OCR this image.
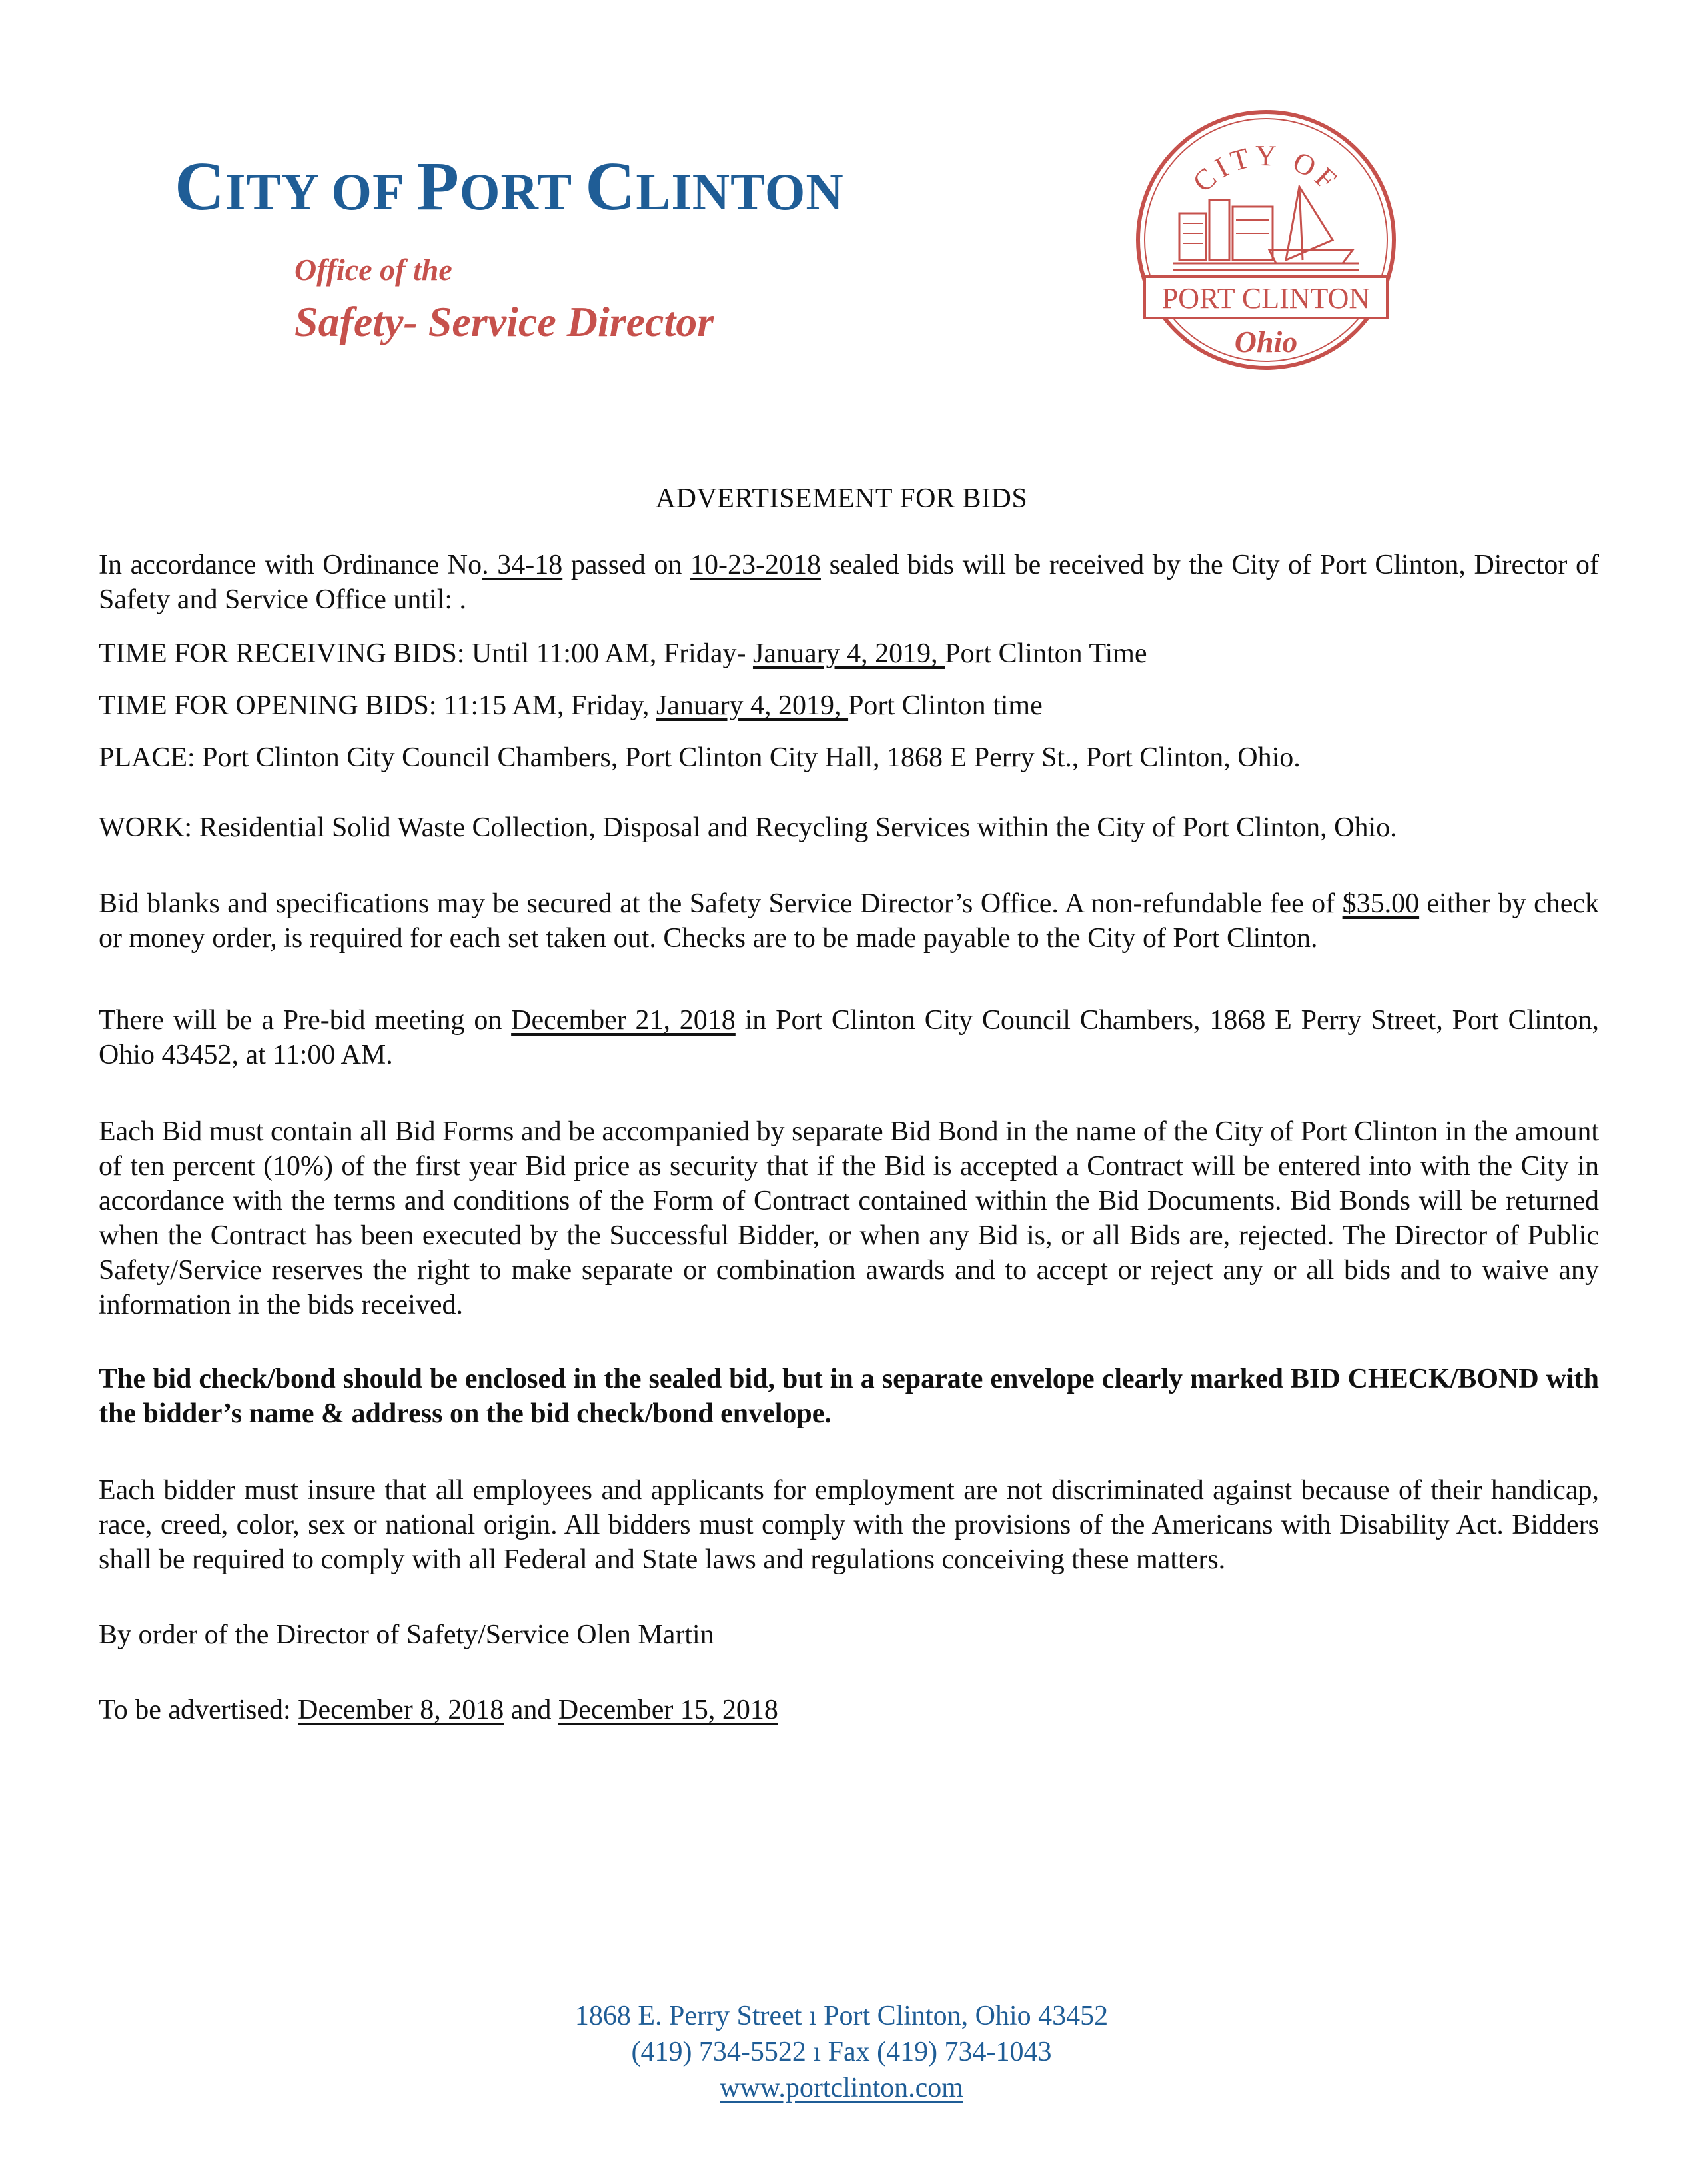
CITY OF PORT CLINTON
Office of the
Safety- Service Director
CITY OF
PORT CLINTON
Ohio
ADVERTISEMENT FOR BIDS
In accordance with Ordinance No. 34-18 passed on 10-23-2018 sealed bids will be received by the City of Port Clinton, Director of Safety and Service Office until: .
TIME FOR RECEIVING BIDS: Until 11:00 AM, Friday- January 4, 2019, Port Clinton Time
TIME FOR OPENING BIDS: 11:15 AM, Friday, January 4, 2019, Port Clinton time
PLACE: Port Clinton City Council Chambers, Port Clinton City Hall, 1868 E Perry St., Port Clinton, Ohio.
WORK: Residential Solid Waste Collection, Disposal and Recycling Services within the City of Port Clinton, Ohio.
Bid blanks and specifications may be secured at the Safety Service Director’s Office. A non-refundable fee of $35.00 either by check or money order, is required for each set taken out. Checks are to be made payable to the City of Port Clinton.
There will be a Pre-bid meeting on December 21, 2018 in Port Clinton City Council Chambers, 1868 E Perry Street, Port Clinton, Ohio 43452, at 11:00 AM.
Each Bid must contain all Bid Forms and be accompanied by separate Bid Bond in the name of the City of Port Clinton in the amount of ten percent (10%) of the first year Bid price as security that if the Bid is accepted a Contract will be entered into with the City in accordance with the terms and conditions of the Form of Contract contained within the Bid Documents. Bid Bonds will be returned when the Contract has been executed by the Successful Bidder, or when any Bid is, or all Bids are, rejected. The Director of Public Safety/Service reserves the right to make separate or combination awards and to accept or reject any or all bids and to waive any information in the bids received.
The bid check/bond should be enclosed in the sealed bid, but in a separate envelope clearly marked BID CHECK/BOND with the bidder’s name & address on the bid check/bond envelope.
Each bidder must insure that all employees and applicants for employment are not discriminated against because of their handicap, race, creed, color, sex or national origin. All bidders must comply with the provisions of the Americans with Disability Act. Bidders shall be required to comply with all Federal and State laws and regulations conceiving these matters.
By order of the Director of Safety/Service Olen Martin
To be advertised: December 8, 2018 and December 15, 2018
1868 E. Perry Street ı Port Clinton, Ohio 43452
(419) 734-5522 ı Fax (419) 734-1043
www.portclinton.com
